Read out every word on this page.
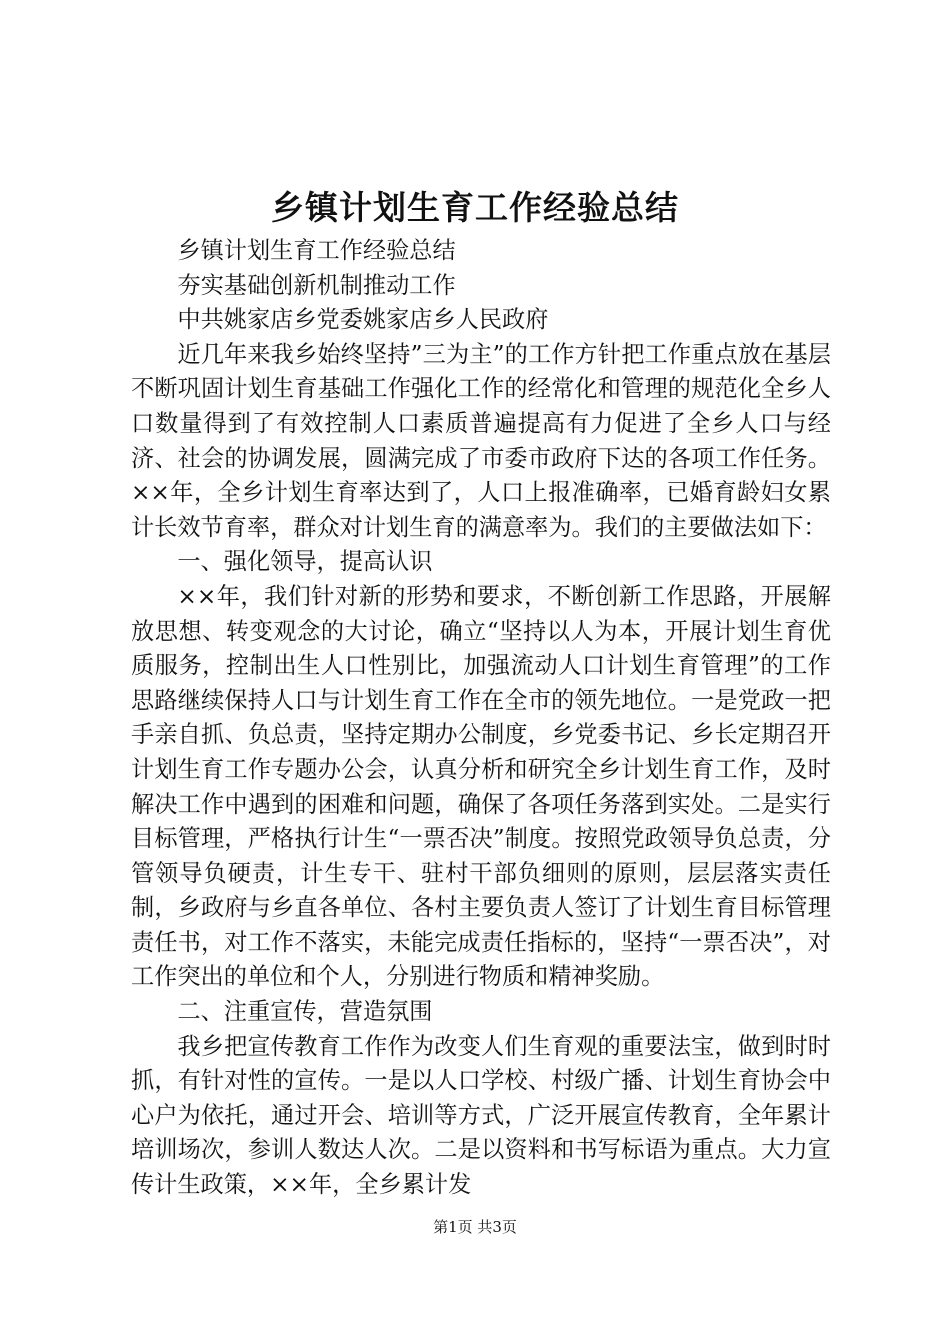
乡镇计划生育工作经验总结

乡镇计划生育工作经验总结

夯实基础创新机制推动工作

中共姚家店乡党委姚家店乡人民政府

近几年来我乡始终坚持”三为主”的工作方针把工作重点放在基层不断巩固计划生育基础工作强化工作的经常化和管理的规范化全乡人口数量得到了有效控制人口素质普遍提高有力促进了全乡人口与经济、社会的协调发展，圆满完成了市委市政府下达的各项工作任务。××年，全乡计划生育率达到了，人口上报准确率，已婚育龄妇女累计长效节育率，群众对计划生育的满意率为。我们的主要做法如下：

一、强化领导，提高认识

××年，我们针对新的形势和要求，不断创新工作思路，开展解放思想、转变观念的大讨论，确立“坚持以人为本，开展计划生育优质服务，控制出生人口性别比，加强流动人口计划生育管理”的工作思路继续保持人口与计划生育工作在全市的领先地位。一是党政一把手亲自抓、负总责，坚持定期办公制度，乡党委书记、乡长定期召开计划生育工作专题办公会，认真分析和研究全乡计划生育工作，及时解决工作中遇到的困难和问题，确保了各项任务落到实处。二是实行目标管理，严格执行计生“一票否决”制度。按照党政领导负总责，分管领导负硬责，计生专干、驻村干部负细则的原则，层层落实责任制，乡政府与乡直各单位、各村主要负责人签订了计划生育目标管理责任书，对工作不落实，未能完成责任指标的，坚持“一票否决”，对工作突出的单位和个人，分别进行物质和精神奖励。

二、注重宣传，营造氛围

我乡把宣传教育工作作为改变人们生育观的重要法宝，做到时时抓，有针对性的宣传。一是以人口学校、村级广播、计划生育协会中心户为依托，通过开会、培训等方式，广泛开展宣传教育，全年累计培训场次，参训人数达人次。二是以资料和书写标语为重点。大力宣传计生政策，××年，全乡累计发

第1页 共3页
